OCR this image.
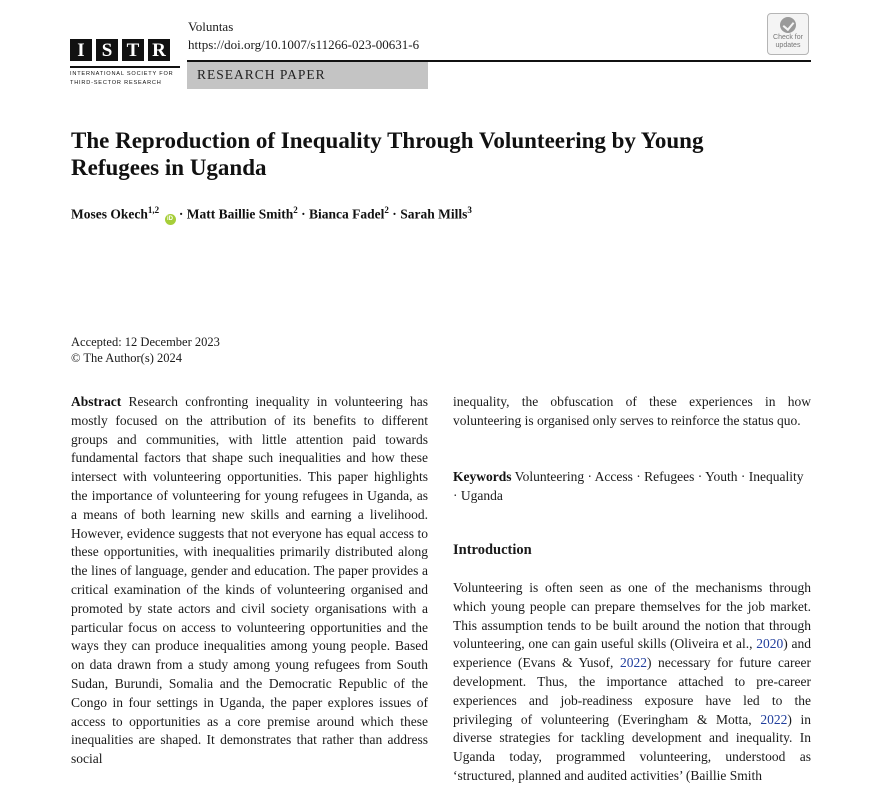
I S T R
INTERNATIONAL SOCIETY FOR THIRD-SECTOR RESEARCH
Voluntas
https://doi.org/10.1007/s11266-023-00631-6
RESEARCH PAPER
Check for updates
The Reproduction of Inequality Through Volunteering by Young Refugees in Uganda
Moses Okech$^{1,2}$ iD · Matt Baillie Smith$^2$ · Bianca Fadel$^2$ · Sarah Mills$^3$
Accepted: 12 December 2023
© The Author(s) 2024
Abstract Research confronting inequality in volunteering has mostly focused on the attribution of its benefits to different groups and communities, with little attention paid towards fundamental factors that shape such inequalities and how these intersect with volunteering opportunities. This paper highlights the importance of volunteering for young refugees in Uganda, as a means of both learning new skills and earning a livelihood. However, evidence suggests that not everyone has equal access to these opportunities, with inequalities primarily distributed along the lines of language, gender and education. The paper provides a critical examination of the kinds of volunteering organised and promoted by state actors and civil society organisations with a particular focus on access to volunteering opportunities and the ways they can produce inequalities among young people. Based on data drawn from a study among young refugees from South Sudan, Burundi, Somalia and the Democratic Republic of the Congo in four settings in Uganda, the paper explores issues of access to opportunities as a core premise around which these inequalities are shaped. It demonstrates that rather than address social
inequality, the obfuscation of these experiences in how volunteering is organised only serves to reinforce the status quo.
Keywords Volunteering · Access · Refugees · Youth · Inequality · Uganda
Introduction
Volunteering is often seen as one of the mechanisms through which young people can prepare themselves for the job market. This assumption tends to be built around the notion that through volunteering, one can gain useful skills (Oliveira et al., 2020) and experience (Evans & Yusof, 2022) necessary for future career development. Thus, the importance attached to pre-career experiences and job-readiness exposure have led to the privileging of volunteering (Everingham & Motta, 2022) in diverse strategies for tackling development and inequality. In Uganda today, programmed volunteering, understood as ‘structured, planned and audited activities’ (Baillie Smith
